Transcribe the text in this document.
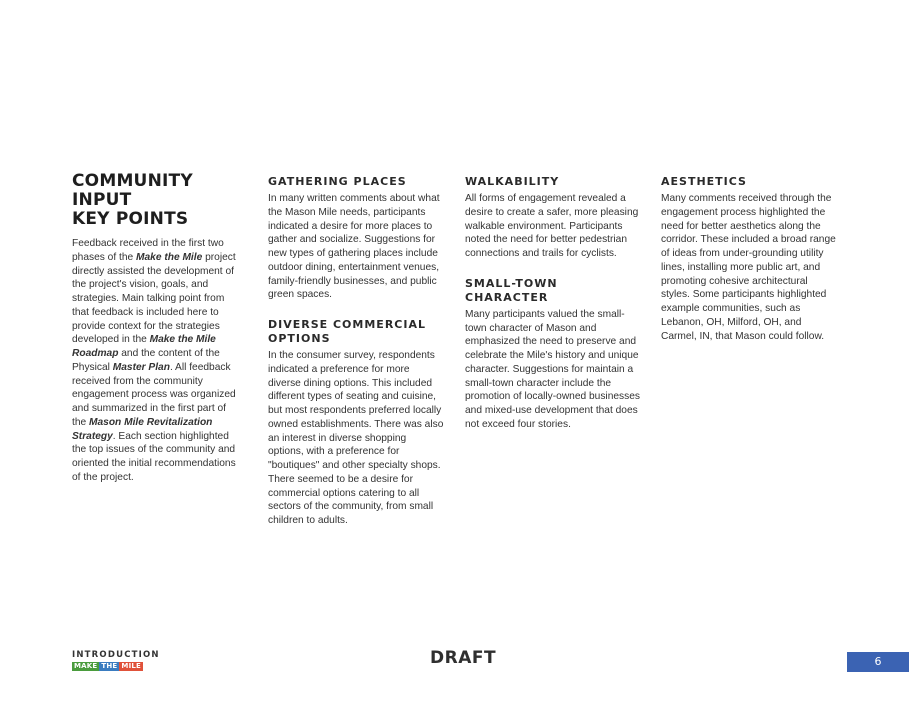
COMMUNITY INPUT
KEY POINTS

Feedback received in the first two phases of the Make the Mile project directly assisted the development of the project's vision, goals, and strategies. Main talking point from that feedback is included here to provide context for the strategies developed in the Make the Mile Roadmap and the content of the Physical Master Plan. All feedback received from the community engagement process was organized and summarized in the first part of the Mason Mile Revitalization Strategy. Each section highlighted the top issues of the community and oriented the initial recommendations of the project.

GATHERING PLACES

In many written comments about what the Mason Mile needs, participants indicated a desire for more places to gather and socialize. Suggestions for new types of gathering places include outdoor dining, entertainment venues, family-friendly businesses, and public green spaces.

DIVERSE COMMERCIAL OPTIONS

In the consumer survey, respondents indicated a preference for more diverse dining options. This included different types of seating and cuisine, but most respondents preferred locally owned establishments. There was also an interest in diverse shopping options, with a preference for "boutiques" and other specialty shops. There seemed to be a desire for commercial options catering to all sectors of the community, from small children to adults.

WALKABILITY

All forms of engagement revealed a desire to create a safer, more pleasing walkable environment. Participants noted the need for better pedestrian connections and trails for cyclists.

SMALL-TOWN CHARACTER

Many participants valued the small-town character of Mason and emphasized the need to preserve and celebrate the Mile's history and unique character. Suggestions for maintain a small-town character include the promotion of locally-owned businesses and mixed-use development that does not exceed four stories.

AESTHETICS

Many comments received through the engagement process highlighted the need for better aesthetics along the corridor. These included a broad range of ideas from under-grounding utility lines, installing more public art, and promoting cohesive architectural styles. Some participants highlighted example communities, such as Lebanon, OH, Milford, OH, and Carmel, IN, that Mason could follow.

INTRODUCTION
MAKE THE MILE	DRAFT	6
